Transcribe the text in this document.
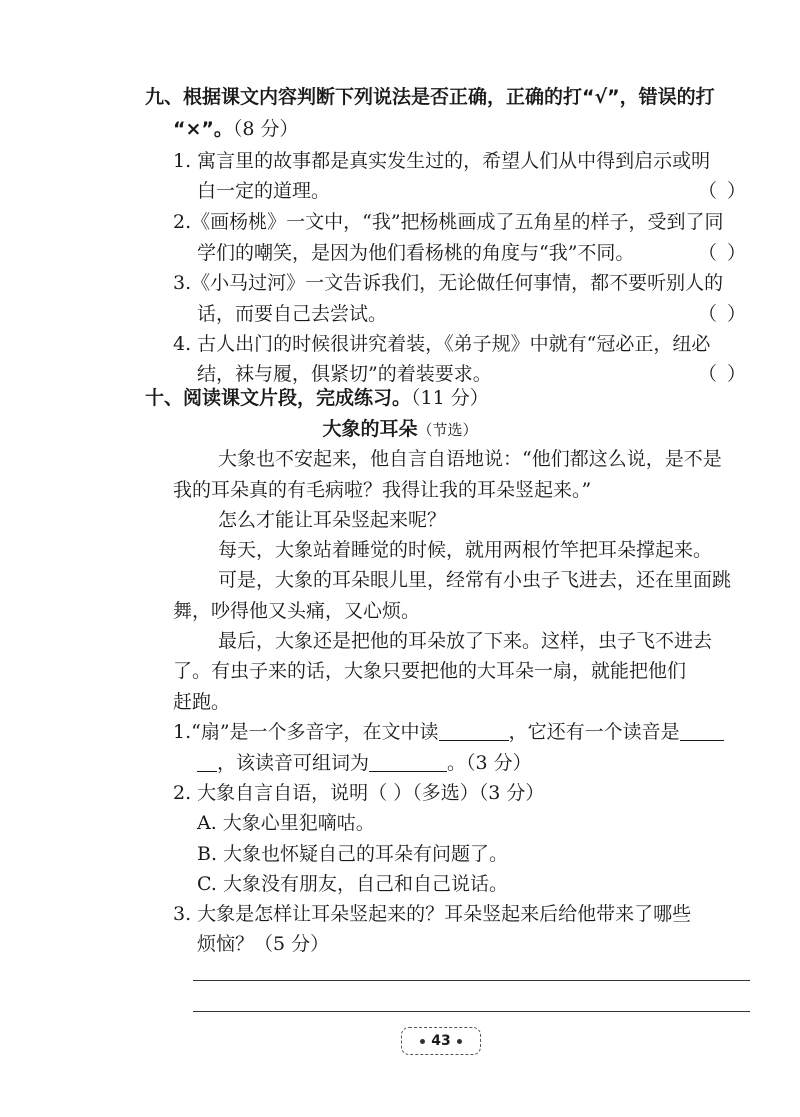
九、根据课文内容判断下列说法是否正确，正确的打“√”，错误的打
“×”。（8 分）
1. 寓言里的故事都是真实发生过的，希望人们从中得到启示或明
白一定的道理。	（ ）
2.《画杨桃》一文中，“我”把杨桃画成了五角星的样子，受到了同
学们的嘲笑，是因为他们看杨桃的角度与“我”不同。	（ ）
3.《小马过河》一文告诉我们，无论做任何事情，都不要听别人的
话，而要自己去尝试。	（ ）
4. 古人出门的时候很讲究着装，《弟子规》中就有“冠必正，纽必
结，袜与履，俱紧切”的着装要求。	（ ）
十、阅读课文片段，完成练习。（11 分）
大象的耳朵（节选）
大象也不安起来，他自言自语地说：“他们都这么说，是不是
我的耳朵真的有毛病啦？我得让我的耳朵竖起来。”
怎么才能让耳朵竖起来呢？
每天，大象站着睡觉的时候，就用两根竹竿把耳朵撑起来。
可是，大象的耳朵眼儿里，经常有小虫子飞进去，还在里面跳
舞，吵得他又头痛，又心烦。
最后，大象还是把他的耳朵放了下来。这样，虫子飞不进去
了。有虫子来的话，大象只要把他的大耳朵一扇，就能把他们
赶跑。
1.“扇”是一个多音字，在文中读	，它还有一个读音是
，该读音可组词为	。（3 分）
2. 大象自言自语，说明（ ）（多选）（3 分）
A. 大象心里犯嘀咕。
B. 大象也怀疑自己的耳朵有问题了。
C. 大象没有朋友，自己和自己说话。
3. 大象是怎样让耳朵竖起来的？耳朵竖起来后给他带来了哪些
烦恼？（5 分）
43
